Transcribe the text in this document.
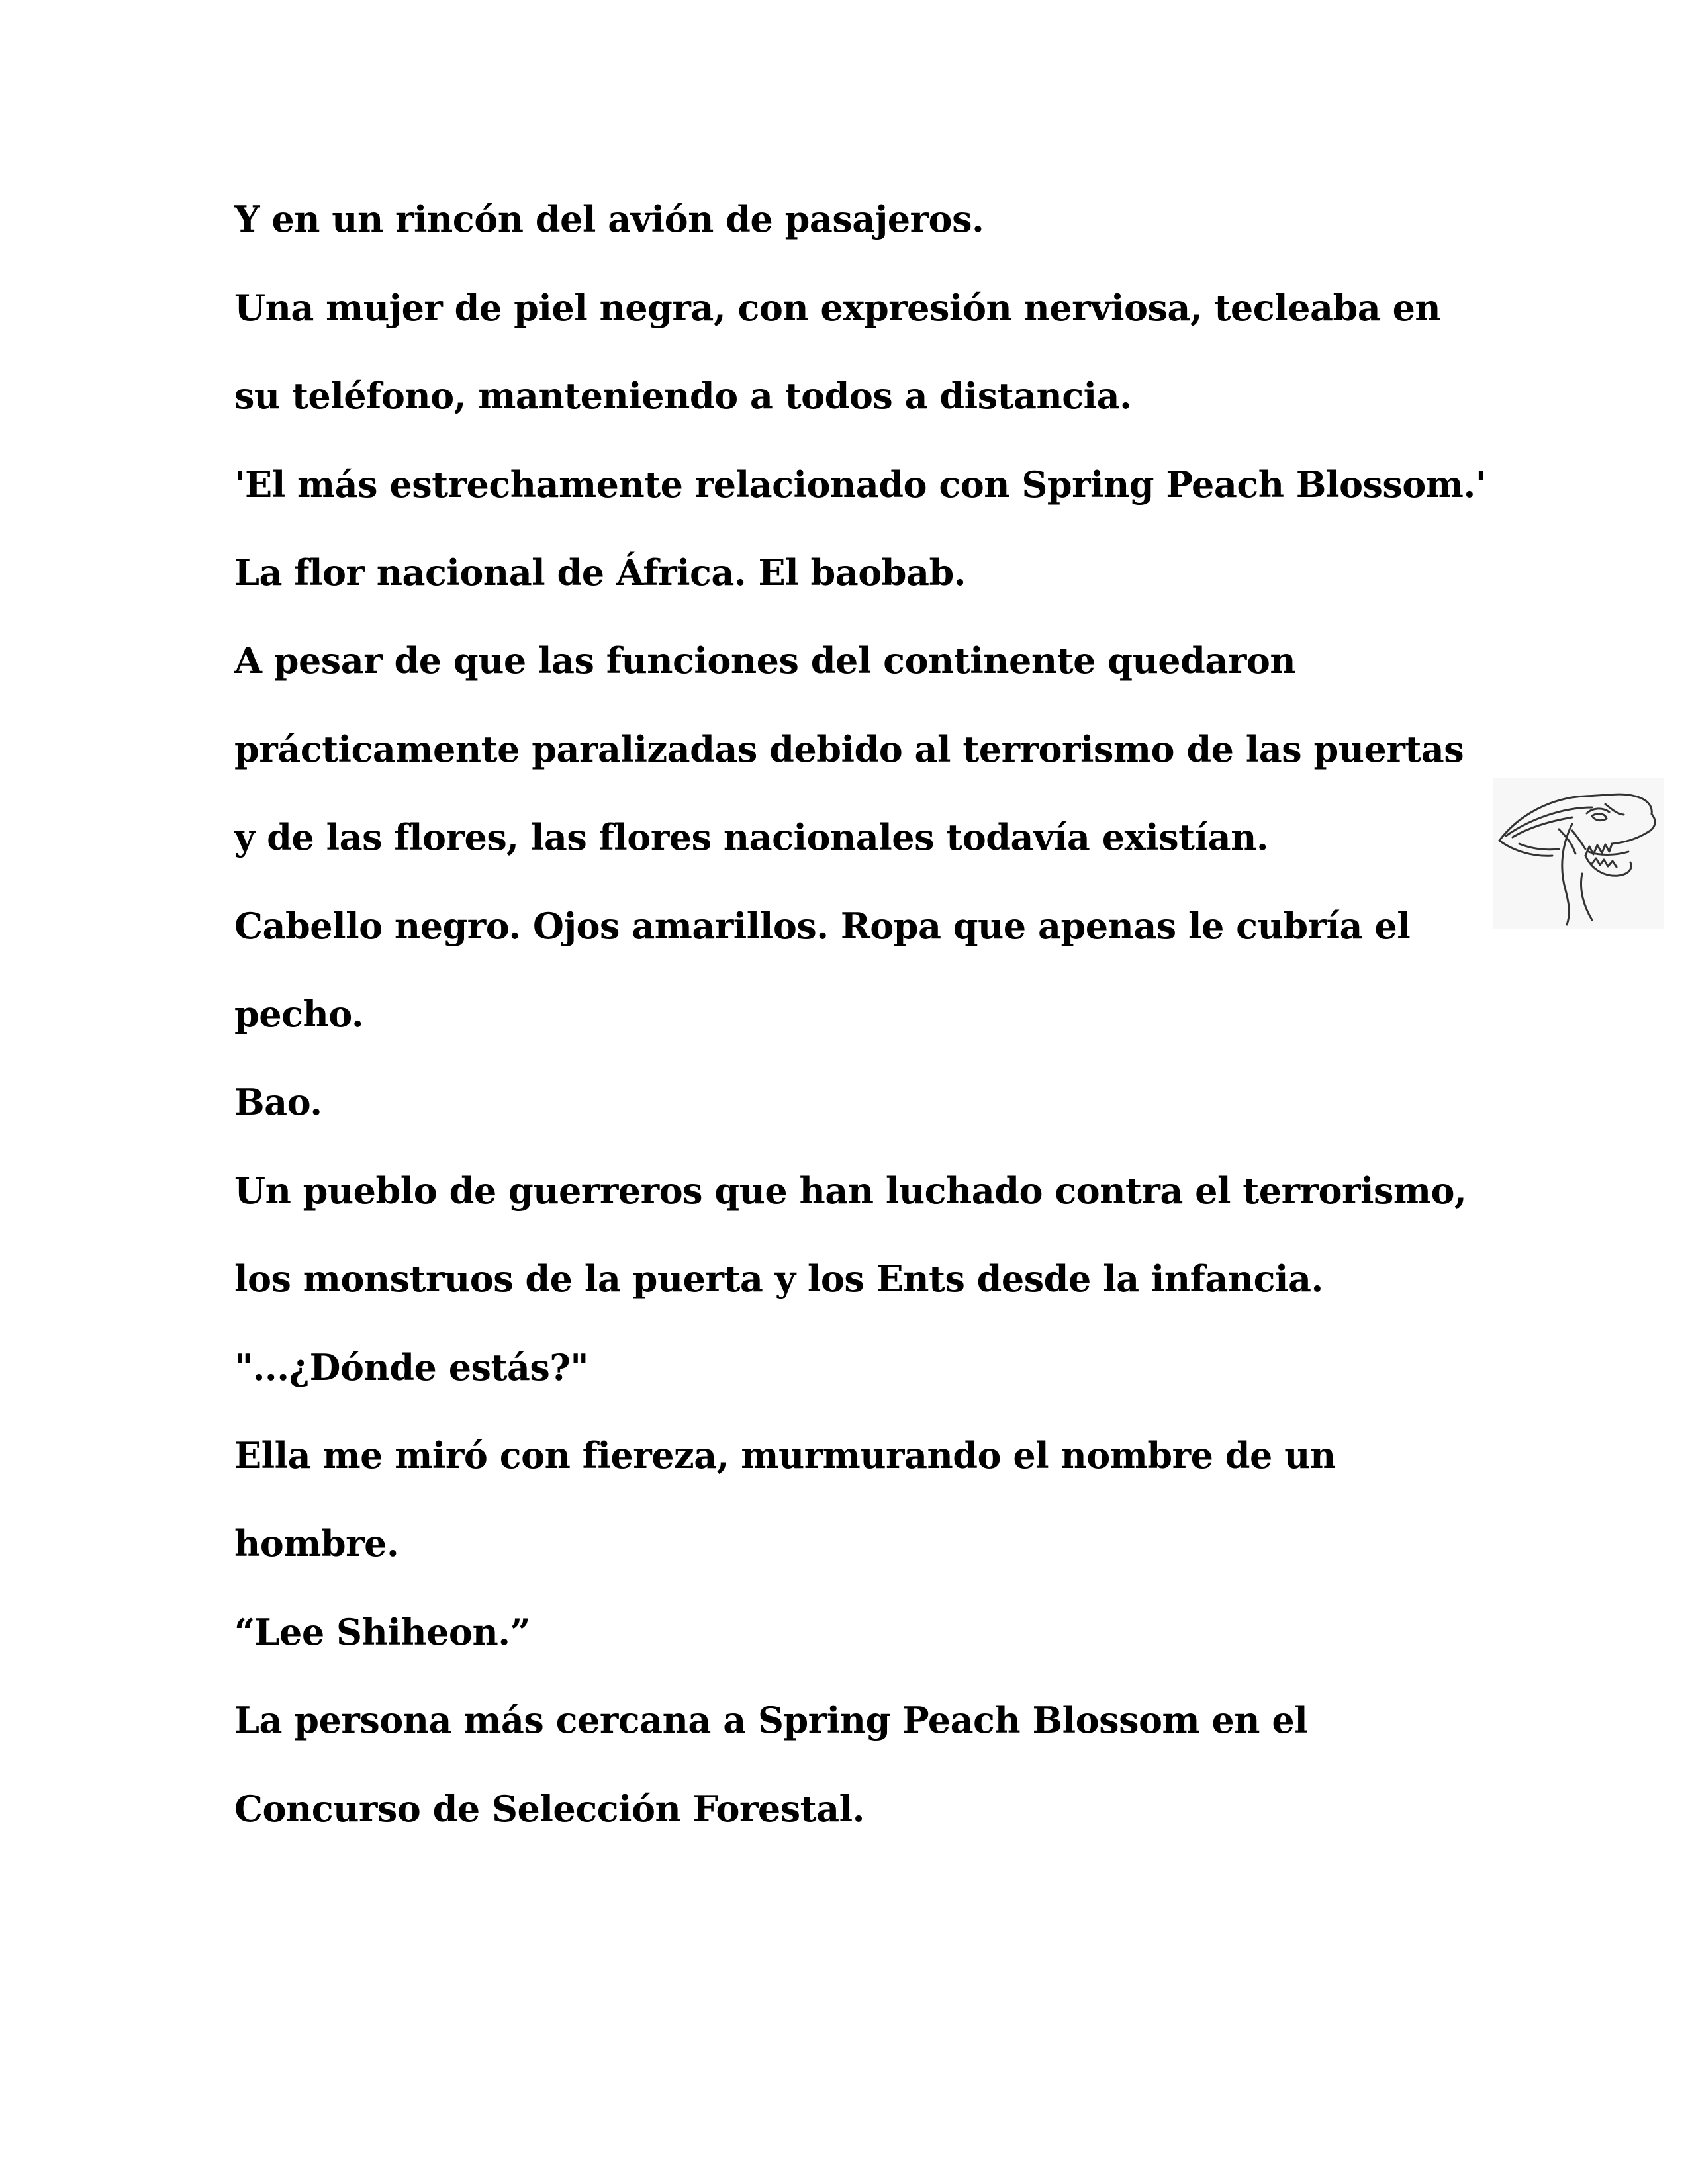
Y en un rincón del avión de pasajeros.
Una mujer de piel negra, con expresión nerviosa, tecleaba en
su teléfono, manteniendo a todos a distancia.
'El más estrechamente relacionado con Spring Peach Blossom.'
La flor nacional de África. El baobab.
A pesar de que las funciones del continente quedaron
prácticamente paralizadas debido al terrorismo de las puertas
y de las flores, las flores nacionales todavía existían.
Cabello negro. Ojos amarillos. Ropa que apenas le cubría el
pecho.
Bao.
Un pueblo de guerreros que han luchado contra el terrorismo,
los monstruos de la puerta y los Ents desde la infancia.
"...¿Dónde estás?"
Ella me miró con fiereza, murmurando el nombre de un
hombre.
“Lee Shiheon.”
La persona más cercana a Spring Peach Blossom en el
Concurso de Selección Forestal.
